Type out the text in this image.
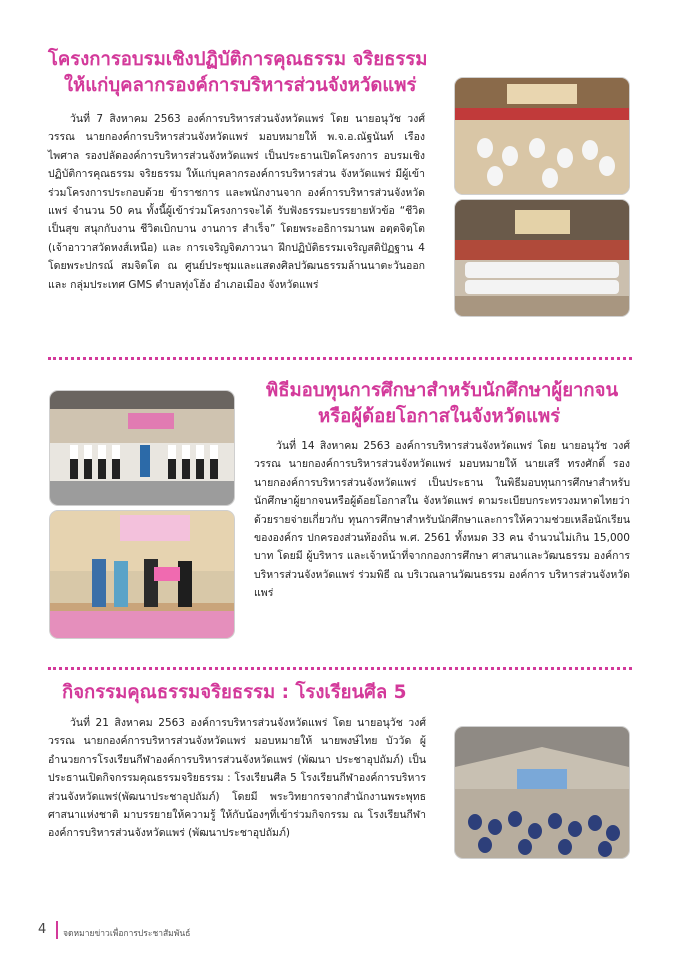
โครงการอบรมเชิงปฏิบัติการคุณธรรม จริยธรรม
ให้แก่บุคลากรองค์การบริหารส่วนจังหวัดแพร่

วันที่ 7 สิงหาคม 2563 องค์การบริหารส่วนจังหวัดแพร่ โดย นายอนุวัช วงศ์วรรณ นายกองค์การบริหารส่วนจังหวัดแพร่ มอบหมายให้ พ.จ.อ.ณัฐนันท์ เรืองไพศาล รองปลัดองค์การบริหารส่วนจังหวัดแพร่ เป็นประธานเปิดโครงการ อบรมเชิงปฏิบัติการคุณธรรม จริยธรรม ให้แก่บุคลากรองค์การบริหารส่วน จังหวัดแพร่ มีผู้เข้าร่วมโครงการประกอบด้วย ข้าราชการ และพนักงานจาก องค์การบริหารส่วนจังหวัดแพร่ จำนวน 50 คน ทั้งนี้ผู้เข้าร่วมโครงการจะได้ รับฟังธรรมะบรรยายหัวข้อ “ชีวิตเป็นสุข สนุกกับงาน ชีวิตเบิกบาน งานการ สำเร็จ” โดยพระอธิการมานพ อตฺตจิตฺโต (เจ้าอาวาสวัดหงส์เหนือ) และ การเจริญจิตภาวนา ฝึกปฏิบัติธรรมเจริญสติปัฏฐาน 4 โดยพระปกรณ์ สมจิตโต ณ ศูนย์ประชุมและแสดงศิลปวัฒนธรรมล้านนาตะวันออกและ กลุ่มประเทศ GMS ตำบลทุ่งโฮ้ง อำเภอเมือง จังหวัดแพร่

พิธีมอบทุนการศึกษาสำหรับนักศึกษาผู้ยากจน
หรือผู้ด้อยโอกาสในจังหวัดแพร่

วันที่ 14 สิงหาคม 2563 องค์การบริหารส่วนจังหวัดแพร่ โดย นายอนุวัช วงศ์วรรณ นายกองค์การบริหารส่วนจังหวัดแพร่ มอบหมายให้ นายเสรี ทรงศักดิ์ รองนายกองค์การบริหารส่วนจังหวัดแพร่ เป็นประธาน ในพิธีมอบทุนการศึกษาสำหรับนักศึกษาผู้ยากจนหรือผู้ด้อยโอกาสใน จังหวัดแพร่ ตามระเบียบกระทรวงมหาดไทยว่าด้วยรายจ่ายเกี่ยวกับ ทุนการศึกษาสำหรับนักศึกษาและการให้ความช่วยเหลือนักเรียนขององค์กร ปกครองส่วนท้องถิ่น พ.ศ. 2561 ทั้งหมด 33 คน จำนวนไม่เกิน 15,000 บาท โดยมี ผู้บริหาร และเจ้าหน้าที่จากกองการศึกษา ศาสนาและวัฒนธรรม องค์การบริหารส่วนจังหวัดแพร่ ร่วมพิธี ณ บริเวณลานวัฒนธรรม องค์การ บริหารส่วนจังหวัดแพร่

กิจกรรมคุณธรรมจริยธรรม : โรงเรียนศีล 5

วันที่ 21 สิงหาคม 2563 องค์การบริหารส่วนจังหวัดแพร่ โดย นายอนุวัช วงศ์วรรณ นายกองค์การบริหารส่วนจังหวัดแพร่ มอบหมายให้ นายพงษ์ไทย บัววัด ผู้อำนวยการโรงเรียนกีฬาองค์การบริหารส่วนจังหวัดแพร่ (พัฒนา ประชาอุปถัมภ์) เป็นประธานเปิดกิจกรรมคุณธรรมจริยธรรม : โรงเรียนศีล 5 โรงเรียนกีฬาองค์การบริหารส่วนจังหวัดแพร่(พัฒนาประชาอุปถัมภ์) โดยมี พระวิทยากรจากสำนักงานพระพุทธศาสนาแห่งชาติ มาบรรยายให้ความรู้ ให้กับน้องๆที่เข้าร่วมกิจกรรม ณ โรงเรียนกีฬาองค์การบริหารส่วนจังหวัดแพร่ (พัฒนาประชาอุปถัมภ์)

4 จดหมายข่าวเพื่อการประชาสัมพันธ์
